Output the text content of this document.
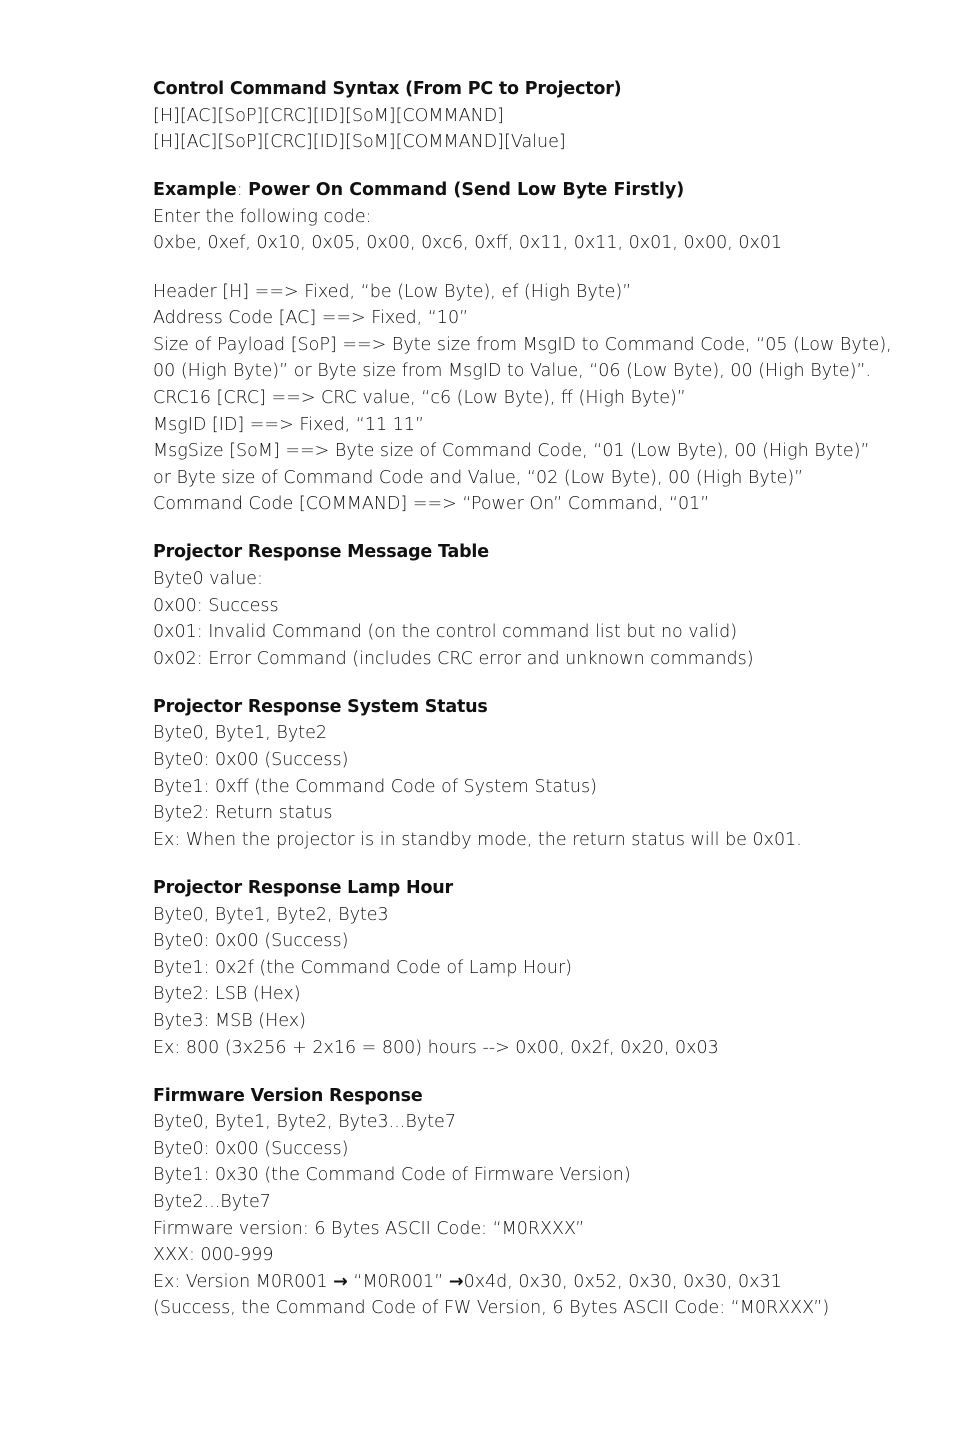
Control Command Syntax (From PC to Projector)
[H][AC][SoP][CRC][ID][SoM][COMMAND]
[H][AC][SoP][CRC][ID][SoM][COMMAND][Value]
Example: Power On Command (Send Low Byte Firstly)
Enter the following code:
0xbe, 0xef, 0x10, 0x05, 0x00, 0xc6, 0xff, 0x11, 0x11, 0x01, 0x00, 0x01
Header [H] ==> Fixed, “be (Low Byte), ef (High Byte)”
Address Code [AC] ==> Fixed, “10”
Size of Payload [SoP] ==> Byte size from MsgID to Command Code, “05 (Low Byte), 00 (High Byte)” or Byte size from MsgID to Value, “06 (Low Byte), 00 (High Byte)”.
CRC16 [CRC] ==> CRC value, “c6 (Low Byte), ff (High Byte)”
MsgID [ID] ==> Fixed, “11 11”
MsgSize [SoM] ==> Byte size of Command Code, “01 (Low Byte), 00 (High Byte)”
or Byte size of Command Code and Value, “02 (Low Byte), 00 (High Byte)”
Command Code [COMMAND] ==> “Power On” Command, “01”
Projector Response Message Table
Byte0 value:
0x00: Success
0x01: Invalid Command (on the control command list but no valid)
0x02: Error Command (includes CRC error and unknown commands)
Projector Response System Status
Byte0, Byte1, Byte2
Byte0: 0x00 (Success)
Byte1: 0xff (the Command Code of System Status)
Byte2: Return status
Ex: When the projector is in standby mode, the return status will be 0x01.
Projector Response Lamp Hour
Byte0, Byte1, Byte2, Byte3
Byte0: 0x00 (Success)
Byte1: 0x2f (the Command Code of Lamp Hour)
Byte2: LSB (Hex)
Byte3: MSB (Hex)
Ex: 800 (3x256 + 2x16 = 800) hours --> 0x00, 0x2f, 0x20, 0x03
Firmware Version Response
Byte0, Byte1, Byte2, Byte3...Byte7
Byte0: 0x00 (Success)
Byte1: 0x30 (the Command Code of Firmware Version)
Byte2...Byte7
Firmware version: 6 Bytes ASCII Code: “M0RXXX”
XXX: 000-999
Ex: Version M0R001 → “M0R001” →0x4d, 0x30, 0x52, 0x30, 0x30, 0x31
(Success, the Command Code of FW Version, 6 Bytes ASCII Code: “M0RXXX”)
